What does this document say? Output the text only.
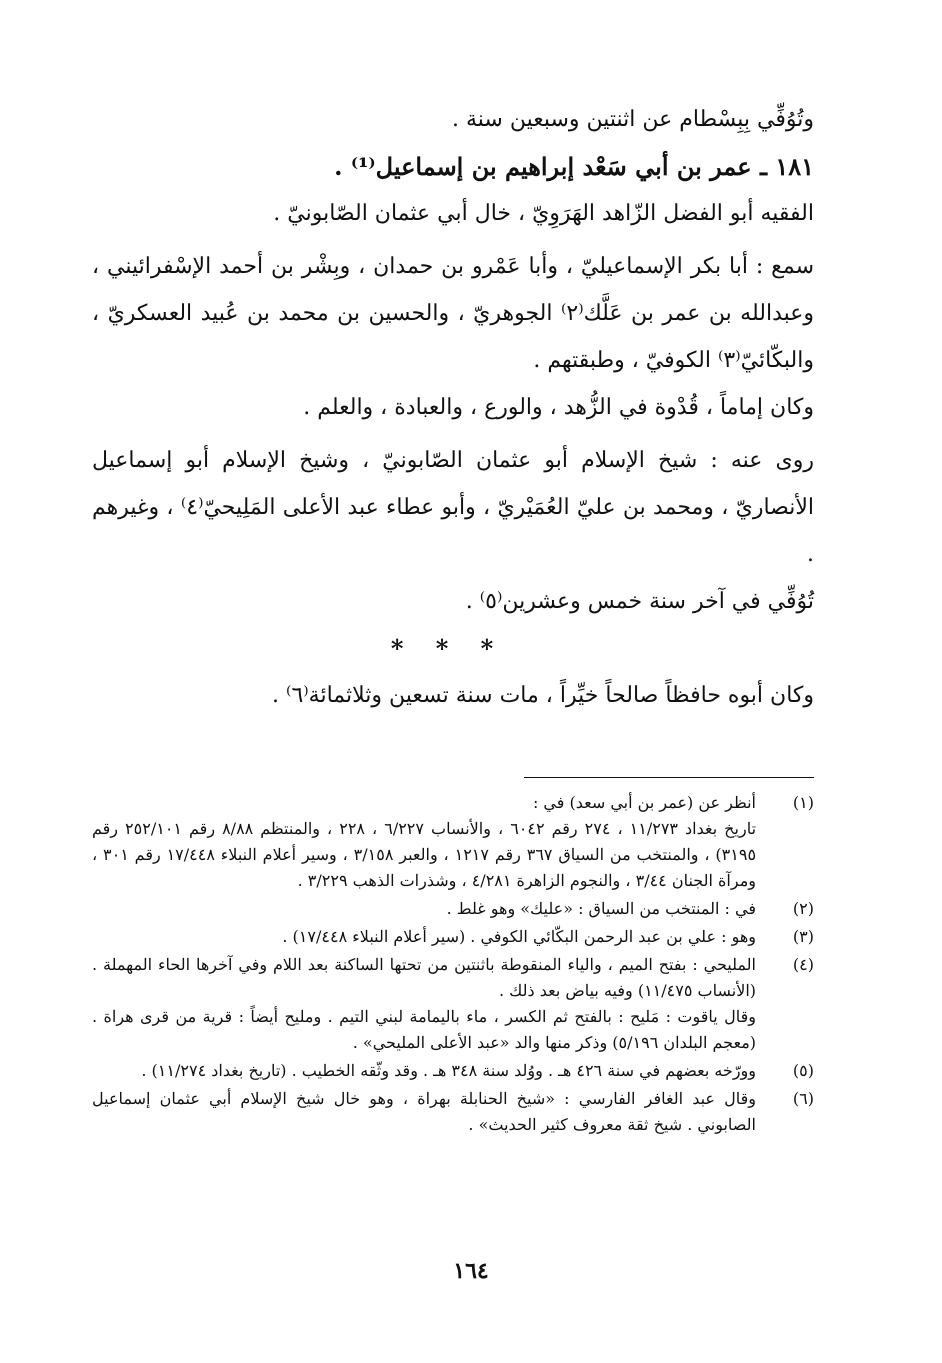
وتُوُفِّي بِبِسْطام عن اثنتين وسبعين سنة .

١٨١ ـ عمر بن أبي سَعْد إبراهيم بن إسماعيل⁽¹⁾ .

الفقيه أبو الفضل الزّاهد الهَرَوِيّ ، خال أبي عثمان الصّابونيّ .

سمع : أبا بكر الإسماعيليّ ، وأبا عَمْرو بن حمدان ، وبِشْر بن أحمد الإسْفرائيني ، وعبدالله بن عمر بن عَلَّك⁽٢⁾ الجوهريّ ، والحسين بن محمد بن عُبيد العسكريّ ، والبكّائيّ⁽٣⁾ الكوفيّ ، وطبقتهم .

وكان إماماً ، قُدْوة في الزُّهد ، والورع ، والعبادة ، والعلم .

روى عنه : شيخ الإسلام أبو عثمان الصّابونيّ ، وشيخ الإسلام أبو إسماعيل الأنصاريّ ، ومحمد بن عليّ العُمَيْريّ ، وأبو عطاء عبد الأعلى المَلِيحيّ⁽٤⁾ ، وغيرهم .

تُوُفِّي في آخر سنة خمس وعشرين⁽٥⁾ .

* * *

وكان أبوه حافظاً صالحاً خيِّراً ، مات سنة تسعين وثلاثمائة⁽٦⁾ .

(١)
أنظر عن (عمر بن أبي سعد) في :
تاريخ بغداد ١١/٢٧٣ ، ٢٧٤ رقم ٦٠٤٢ ، والأنساب ٦/٢٢٧ ، ٢٢٨ ، والمنتظم ٨/٨٨ رقم ٢٥٢/١٠١ رقم ٣١٩٥) ، والمنتخب من السياق ٣٦٧ رقم ١٢١٧ ، والعبر ٣/١٥٨ ، وسير أعلام النبلاء ١٧/٤٤٨ رقم ٣٠١ ، ومرآة الجنان ٣/٤٤ ، والنجوم الزاهرة ٤/٢٨١ ، وشذرات الذهب ٣/٢٢٩ .
(٢)
في : المنتخب من السياق : «عليك» وهو غلط .
(٣)
وهو : علي بن عبد الرحمن البكّائي الكوفي . (سير أعلام النبلاء ١٧/٤٤٨) .
(٤)
المليحي : بفتح الميم ، والياء المنقوطة باثنتين من تحتها الساكنة بعد اللام وفي آخرها الحاء المهملة . (الأنساب ١١/٤٧٥) وفيه بياض بعد ذلك .
وقال ياقوت : مَليح : بالفتح ثم الكسر ، ماء باليمامة لبني التيم . ومليح أيضاً : قرية من قرى هراة . (معجم البلدان ٥/١٩٦) وذكر منها والد «عبد الأعلى المليحي» .
(٥)
وورّخه بعضهم في سنة ٤٢٦ هـ . ووُلد سنة ٣٤٨ هـ . وقد وثّقه الخطيب . (تاريخ بغداد ١١/٢٧٤) .
(٦)
وقال عبد الغافر الفارسي : «شيخ الحنابلة بهراة ، وهو خال شيخ الإسلام أبي عثمان إسماعيل الصابوني . شيخ ثقة معروف كثير الحديث» .
١٦٤
